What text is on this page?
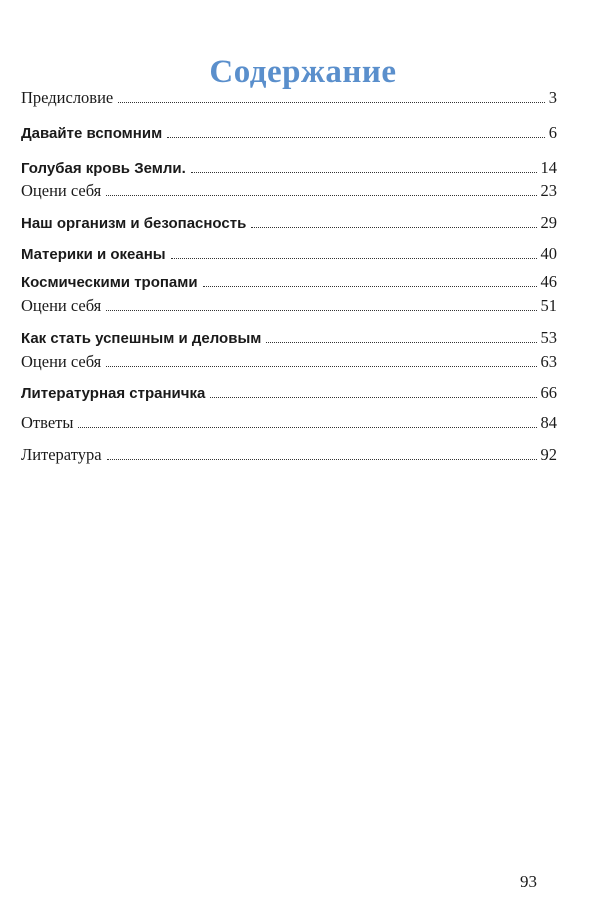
Содержание
Предисловие	3
Давайте вспомним	6
Голубая кровь Земли.	14
Оцени себя	23
Наш организм и безопасность	29
Материки и океаны	40
Космическими тропами	46
Оцени себя	51
Как стать успешным и деловым	53
Оцени себя	63
Литературная страничка	66
Ответы	84
Литература	92
93
